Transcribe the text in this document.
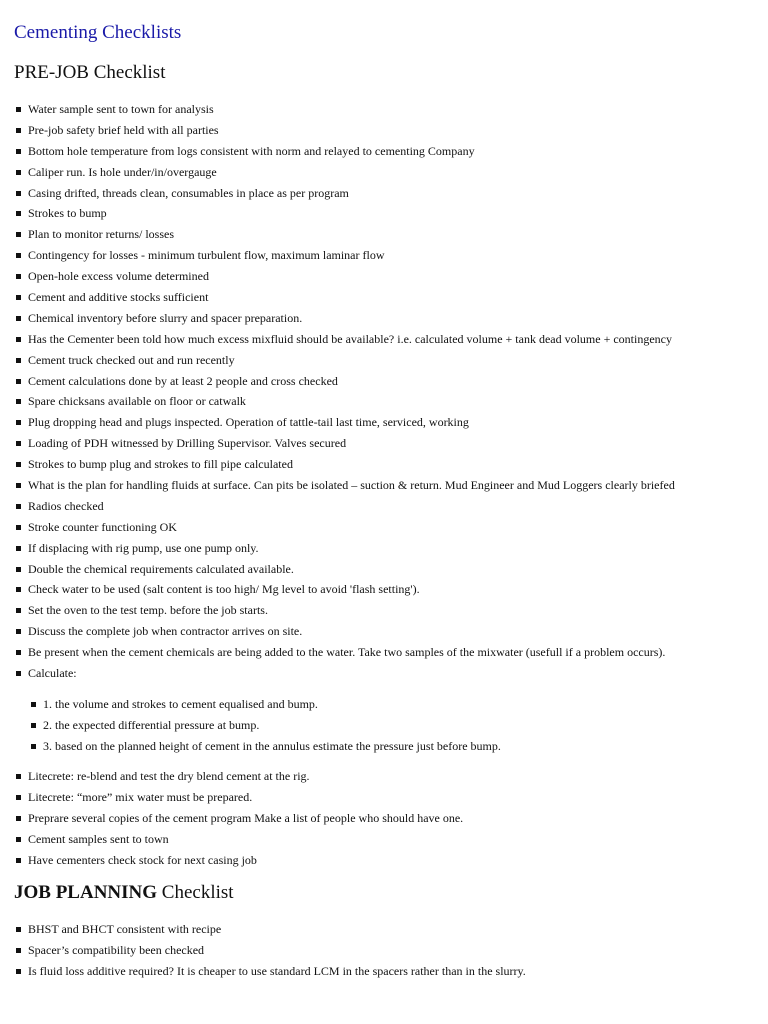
Cementing Checklists
PRE-JOB Checklist
Water sample sent to town for analysis
Pre-job safety brief held with all parties
Bottom hole temperature from logs consistent with norm and relayed to cementing Company
Caliper run. Is hole under/in/overgauge
Casing drifted, threads clean, consumables in place as per program
Strokes to bump
Plan to monitor returns/ losses
Contingency for losses - minimum turbulent flow, maximum laminar flow
Open-hole excess volume determined
Cement and additive stocks sufficient
Chemical inventory before slurry and spacer preparation.
Has the Cementer been told how much excess mixfluid should be available? i.e. calculated volume + tank dead volume + contingency
Cement truck checked out and run recently
Cement calculations done by at least 2 people and cross checked
Spare chicksans available on floor or catwalk
Plug dropping head and plugs inspected. Operation of tattle-tail last time, serviced, working
Loading of PDH witnessed by Drilling Supervisor. Valves secured
Strokes to bump plug and strokes to fill pipe calculated
What is the plan for handling fluids at surface. Can pits be isolated – suction & return. Mud Engineer and Mud Loggers clearly briefed
Radios checked
Stroke counter functioning OK
If displacing with rig pump, use one pump only.
Double the chemical requirements calculated available.
Check water to be used (salt content is too high/ Mg level to avoid 'flash setting').
Set the oven to the test temp. before the job starts.
Discuss the complete job when contractor arrives on site.
Be present when the cement chemicals are being added to the water. Take two samples of the mixwater (usefull if a problem occurs).
Calculate:
1. the volume and strokes to cement equalised and bump.
2. the expected differential pressure at bump.
3. based on the planned height of cement in the annulus estimate the pressure just before bump.
Litecrete: re-blend and test the dry blend cement at the rig.
Litecrete: “more” mix water must be prepared.
Preprare several copies of the cement program Make a list of people who should have one.
Cement samples sent to town
Have cementers check stock for next casing job
JOB PLANNING Checklist
BHST and BHCT consistent with recipe
Spacer’s compatibility been checked
Is fluid loss additive required? It is cheaper to use standard LCM in the spacers rather than in the slurry.
